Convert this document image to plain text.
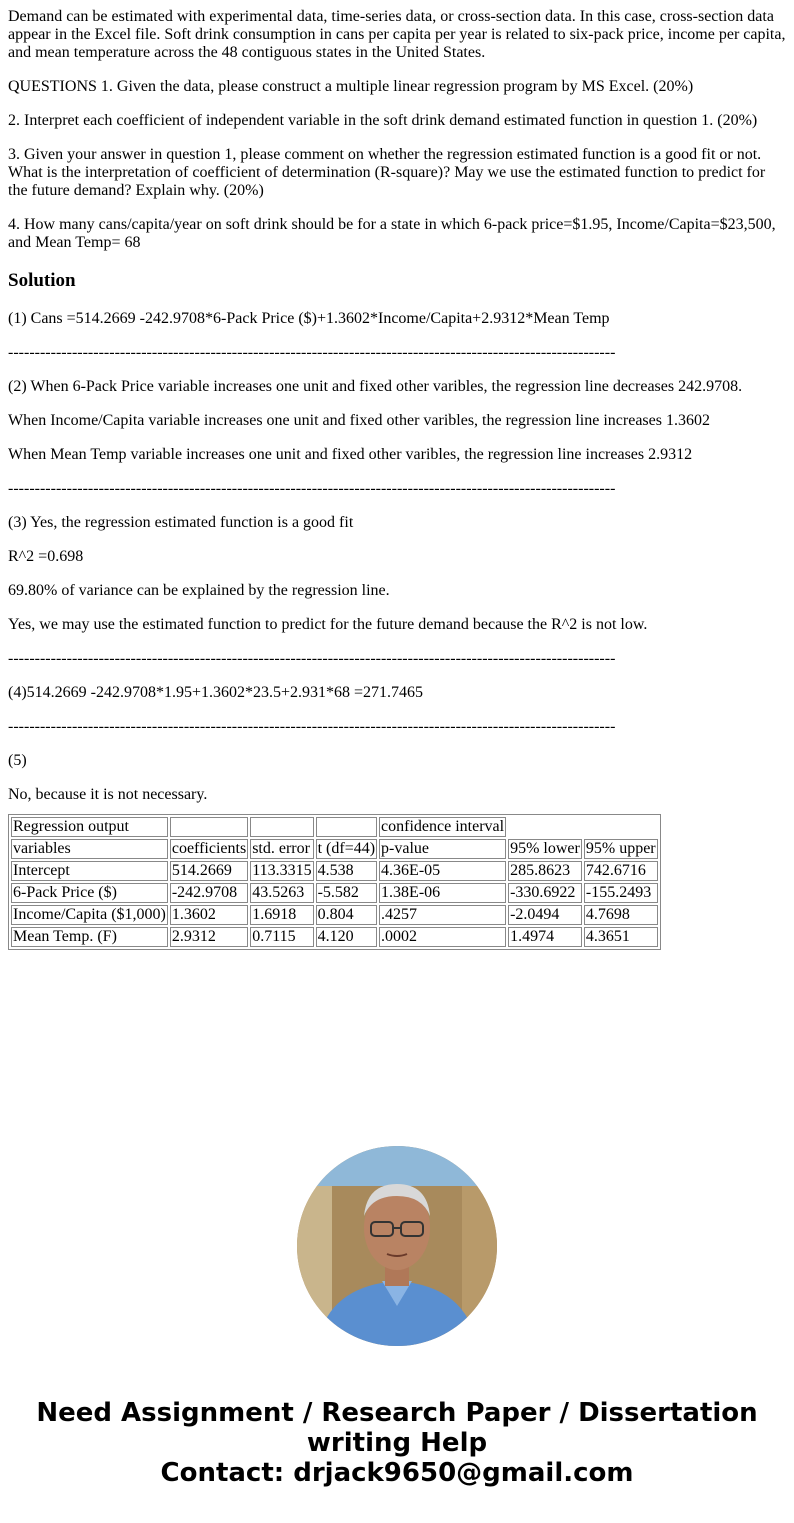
Demand can be estimated with experimental data, time-series data, or cross-section data. In this case, cross-section data appear in the Excel file. Soft drink consumption in cans per capita per year is related to six-pack price, income per capita, and mean temperature across the 48 contiguous states in the United States.

QUESTIONS 1. Given the data, please construct a multiple linear regression program by MS Excel. (20%)

2. Interpret each coefficient of independent variable in the soft drink demand estimated function in question 1. (20%)

3. Given your answer in question 1, please comment on whether the regression estimated function is a good fit or not. What is the interpretation of coefficient of determination (R-square)? May we use the estimated function to predict for the future demand? Explain why. (20%)

4. How many cans/capita/year on soft drink should be for a state in which 6-pack price=$1.95, Income/Capita=$23,500, and Mean Temp= 68

Solution

(1) Cans =514.2669 -242.9708*6-Pack Price ($)+1.3602*Income/Capita+2.9312*Mean Temp

------------------------------------------------------------------------------------------------------------------

(2) When 6-Pack Price variable increases one unit and fixed other varibles, the regression line decreases 242.9708.

When Income/Capita variable increases one unit and fixed other varibles, the regression line increases 1.3602

When Mean Temp variable increases one unit and fixed other varibles, the regression line increases 2.9312

------------------------------------------------------------------------------------------------------------------

(3) Yes, the regression estimated function is a good fit

R^2 =0.698

69.80% of variance can be explained by the regression line.

Yes, we may use the estimated function to predict for the future demand because the R^2 is not low.

------------------------------------------------------------------------------------------------------------------

(4)514.2669 -242.9708*1.95+1.3602*23.5+2.931*68 =271.7465

------------------------------------------------------------------------------------------------------------------

(5)

No, because it is not necessary.

Regression output				confidence interval		
variables	coefficients	std. error	t (df=44)	p-value	95% lower	95% upper
Intercept	514.2669	113.3315	4.538	4.36E-05	285.8623	742.6716
6-Pack Price ($)	-242.9708	43.5263	-5.582	1.38E-06	-330.6922	-155.2493
Income/Capita ($1,000)	1.3602	1.6918	0.804	.4257	-2.0494	4.7698
Mean Temp. (F)	2.9312	0.7115	4.120	.0002	1.4974	4.3651
Need Assignment / Research Paper / Dissertation writing Help
Contact: drjack9650@gmail.com
